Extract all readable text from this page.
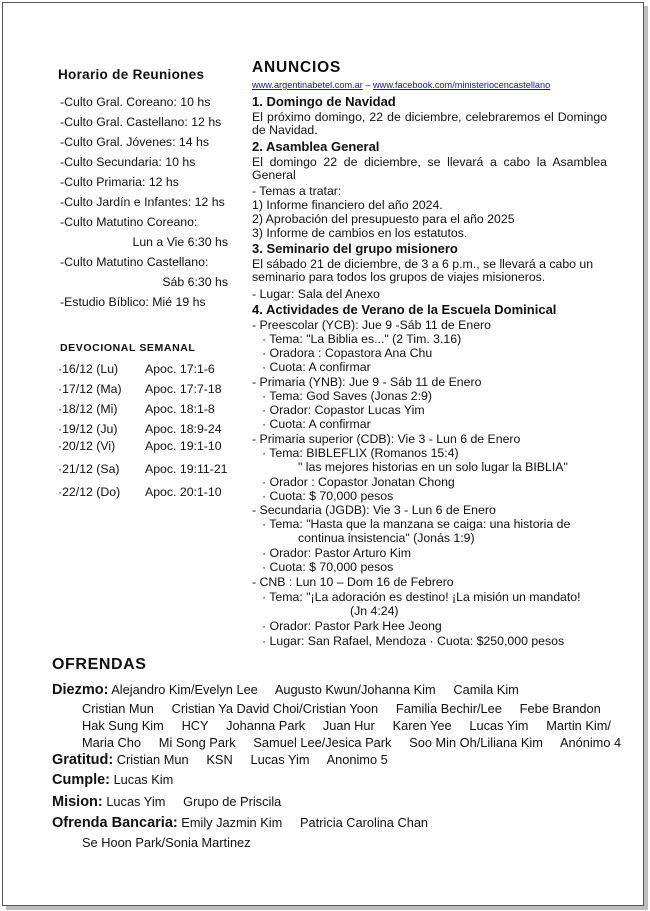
Horario de Reuniones
-Culto Gral. Coreano: 10 hs
-Culto Gral. Castellano: 12 hs
-Culto Gral. Jóvenes: 14 hs
-Culto Secundaria: 10 hs
-Culto Primaria: 12 hs
-Culto Jardín e Infantes: 12 hs
-Culto Matutino Coreano:
Lun a Vie 6:30 hs
-Culto Matutino Castellano:
Sáb 6:30 hs
-Estudio Bíblico: Mié 19 hs
DEVOCIONAL SEMANAL
·16/12 (Lu) Apoc. 17:1-6
·17/12 (Ma) Apoc. 17:7-18
·18/12 (Mi) Apoc. 18:1-8
·19/12 (Ju) Apoc. 18:9-24
·20/12 (Vi) Apoc. 19:1-10
·21/12 (Sa) Apoc. 19:11-21
·22/12 (Do) Apoc. 20:1-10
ANUNCIOS
www.argentinabetel.com.ar – www.facebook.com/ministeriocencastellano
1. Domingo de Navidad
El próximo domingo, 22 de diciembre, celebraremos el Domingo de Navidad.
2. Asamblea General
El domingo 22 de diciembre, se llevará a cabo la Asamblea General
- Temas a tratar:
1) Informe financiero del año 2024.
2) Aprobación del presupuesto para el año 2025
3) Informe de cambios en los estatutos.
3. Seminario del grupo misionero
El sábado 21 de diciembre, de 3 a 6 p.m., se llevará a cabo un seminario para todos los grupos de viajes misioneros.
- Lugar: Sala del Anexo
4. Actividades de Verano de la Escuela Dominical
- Preescolar (YCB): Jue 9 -Sáb 11 de Enero
· Tema: "La Biblia es..." (2 Tim. 3.16)
· Oradora : Copastora Ana Chu
· Cuota: A confirmar
- Primaria (YNB): Jue 9 - Sáb 11 de Enero
· Tema: God Saves (Jonas 2:9)
· Orador: Copastor Lucas Yim
· Cuota: A confirmar
- Primaria superior (CDB): Vie 3 - Lun 6 de Enero
· Tema: BIBLEFLIX (Romanos 15:4)
" las mejores historias en un solo lugar la BIBLIA"
· Orador : Copastor Jonatan Chong
· Cuota: $ 70,000 pesos
- Secundaria (JGDB): Vie 3 - Lun 6 de Enero
· Tema: "Hasta que la manzana se caiga: una historia de
continua insistencia" (Jonás 1:9)
· Orador: Pastor Arturo Kim
· Cuota: $ 70,000 pesos
- CNB : Lun 10 – Dom 16 de Febrero
· Tema: "¡La adoración es destino! ¡La misión un mandato!
(Jn 4:24)
· Orador: Pastor Park Hee Jeong
· Lugar: San Rafael, Mendoza · Cuota: $250,000 pesos
OFRENDAS
Diezmo: Alejandro Kim/Evelyn Lee     Augusto Kwun/Johanna Kim     Camila Kim
Cristian Mun     Cristian Ya David Choi/Cristian Yoon     Familia Bechir/Lee     Febe Brandon
Hak Sung Kim     HCY     Johanna Park     Juan Hur     Karen Yee     Lucas Yim     Martin Kim/
Maria Cho     Mi Song Park     Samuel Lee/Jesica Park     Soo Min Oh/Liliana Kim     Anónimo 4
Gratitud: Cristian Mun     KSN     Lucas Yim     Anonimo 5
Cumple: Lucas Kim
Mision: Lucas Yim     Grupo de Priscila
Ofrenda Bancaria: Emily Jazmin Kim     Patricia Carolina Chan
Se Hoon Park/Sonia Martinez
